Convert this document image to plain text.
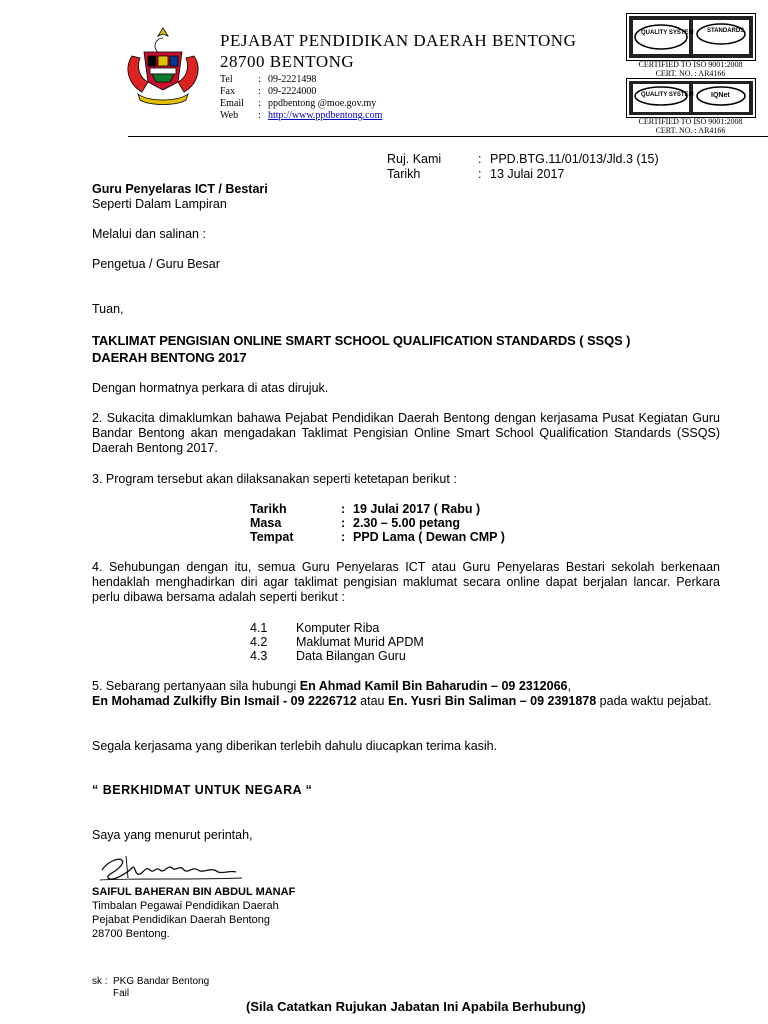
PEJABAT PENDIDIKAN DAERAH BENTONG
28700 BENTONG
Tel	: 09-2221498
Fax : 09-2224000
Email : ppdbentong @moe.gov.my
Web : http://www.ppdbentong.com
QUALITY SYSTEM STANDARDS
CERTIFIED TO ISO 9001:2008
CERT. NO. : AR4166
QUALITY SYSTEM IQNet
CERTIFIED TO ISO 9001:2008
CERT. NO. : AR4166
Ruj. Kami	: PPD.BTG.11/01/013/Jld.3 (15)
Tarikh	: 13 Julai 2017
Guru Penyelaras ICT / Bestari
Seperti Dalam Lampiran
Melalui dan salinan :
Pengetua / Guru Besar
Tuan,
TAKLIMAT PENGISIAN ONLINE SMART SCHOOL QUALIFICATION STANDARDS ( SSQS )
DAERAH BENTONG 2017
Dengan hormatnya perkara di atas dirujuk.
2. Sukacita dimaklumkan bahawa Pejabat Pendidikan Daerah Bentong dengan kerjasama Pusat Kegiatan Guru Bandar Bentong akan mengadakan Taklimat Pengisian Online Smart School Qualification Standards (SSQS) Daerah Bentong 2017.
3. Program tersebut akan dilaksanakan seperti ketetapan berikut :
Tarikh	: 19 Julai 2017 ( Rabu )
Masa	: 2.30 – 5.00 petang
Tempat	: PPD Lama ( Dewan CMP )
4. Sehubungan dengan itu, semua Guru Penyelaras ICT atau Guru Penyelaras Bestari sekolah berkenaan hendaklah menghadirkan diri agar taklimat pengisian maklumat secara online dapat berjalan lancar. Perkara perlu dibawa bersama adalah seperti berikut :
4.1 Komputer Riba
4.2 Maklumat Murid APDM
4.3 Data Bilangan Guru
5. Sebarang pertanyaan sila hubungi En Ahmad Kamil Bin Baharudin – 09 2312066,
En Mohamad Zulkifly Bin Ismail - 09 2226712 atau En. Yusri Bin Saliman – 09 2391878 pada waktu pejabat.
Segala kerjasama yang diberikan terlebih dahulu diucapkan terima kasih.
“ BERKHIDMAT UNTUK NEGARA “
Saya yang menurut perintah,
SAIFUL BAHERAN BIN ABDUL MANAF
Timbalan Pegawai Pendidikan Daerah
Pejabat Pendidikan Daerah Bentong
28700 Bentong.
sk : PKG Bandar Bentong
Fail
(Sila Catatkan Rujukan Jabatan Ini Apabila Berhubung)
